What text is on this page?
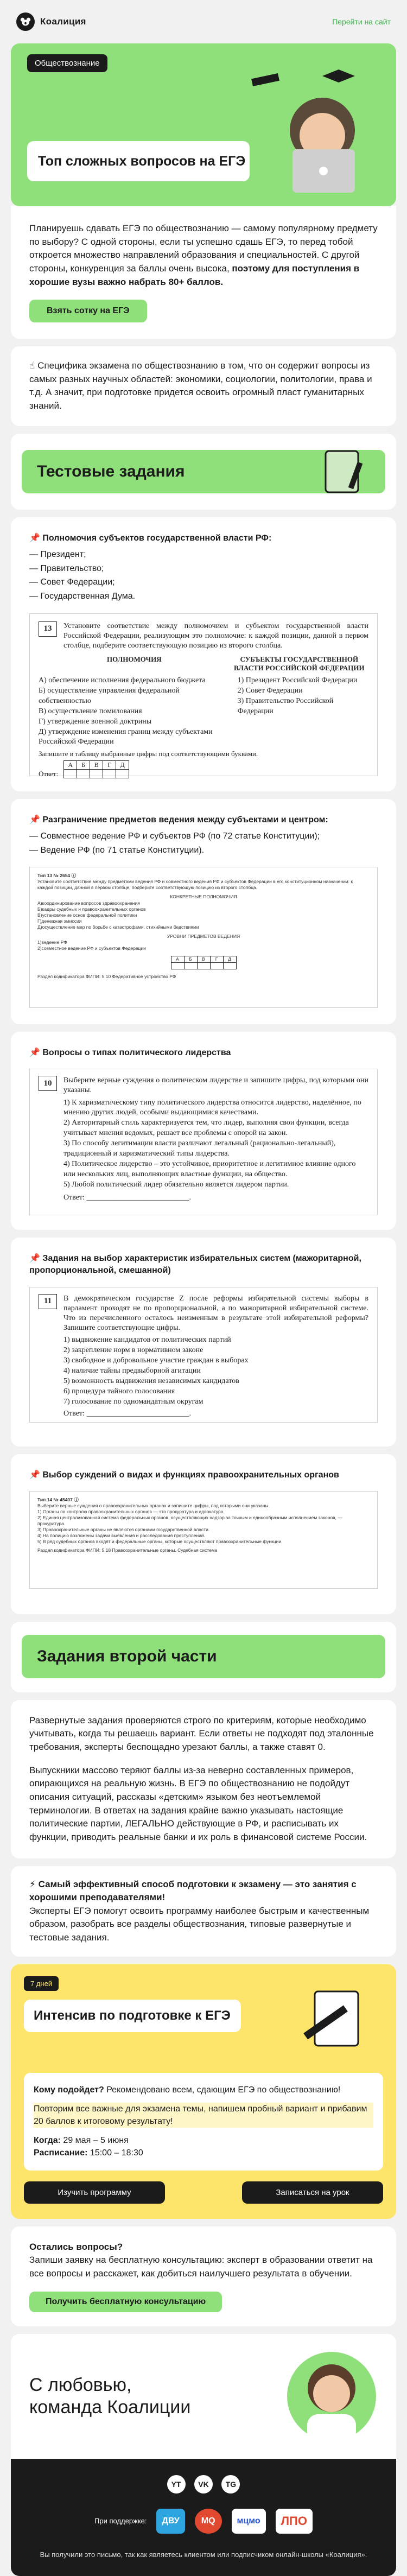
Коалиция	Перейти на сайт
Обществознание
Топ сложных вопросов на ЕГЭ

Планируешь сдавать ЕГЭ по обществознанию — самому популярному предмету по выбору? С одной стороны, если ты успешно сдашь ЕГЭ, то перед тобой откроется множество направлений образования и специальностей. С другой стороны, конкуренция за баллы очень высока, поэтому для поступления в хорошие вузы важно набрать 80+ баллов.

Взять сотку на ЕГЭ

☝ Специфика экзамена по обществознанию в том, что он содержит вопросы из самых разных научных областей: экономики, социологии, политологии, права и т.д. А значит, при подготовке придется освоить огромный пласт гуманитарных знаний.

Тестовые задания
📌 Полномочия субъектов государственной власти РФ:
— Президент;
— Правительство;
— Совет Федерации;
— Государственная Дума.
13	Установите соответствие между полномочием и субъектом государственной власти Российской Федерации, реализующим это полномочие: к каждой позиции, данной в первом столбце, подберите соответствующую позицию из второго столбца.

ПОЛНОМОЧИЯ	СУБЪЕКТЫ ГОСУДАРСТВЕННОЙ ВЛАСТИ РОССИЙСКОЙ ФЕДЕРАЦИИ
А) обеспечение исполнения федерального бюджета
Б) осуществление управления федеральной собственностью
В) осуществление помилования
Г) утверждение военной доктрины
Д) утверждение изменения границ между субъектами Российской Федерации
1) Президент Российской Федерации
2) Совет Федерации
3) Правительство Российской Федерации
Запишите в таблицу выбранные цифры под соответствующими буквами.
Ответ:
А	Б	В	Г	Д

📌 Разграничение предметов ведения между субъектами и центром:
— Совместное ведение РФ и субъектов РФ (по 72 статье Конституции);
— Ведение РФ (по 71 статье Конституции).
Тип 13 № 2654 ⓘ
Установите соответствие между предметами ведения РФ и совместного ведения РФ и субъектов Федерации в его конституционном назначении: к каждой позиции, данной в первом столбце, подберите соответствующую позицию из второго столбца.
КОНКРЕТНЫЕ ПОЛНОМОЧИЯ
А)координирование вопросов здравоохранения
Б)кадры судебных и правоохранительных органов
В)установление основ федеральной политики
Г)денежная эмиссия
Д)осуществление мер по борьбе с катастрофами, стихийными бедствиями
УРОВНИ ПРЕДМЕТОВ ВЕДЕНИЯ
1)ведение РФ
2)совместное ведение РФ и субъектов Федерации
А	Б	В	Г	Д

Раздел кодификатора ФИПИ: 5.10 Федеративное устройство РФ
📌 Вопросы о типах политического лидерства
10	Выберите верные суждения о политическом лидерстве и запишите цифры, под которыми они указаны.

1) К харизматическому типу политического лидерства относится лидерство, наделённое, по мнению других людей, особыми выдающимися качествами.
2) Авторитарный стиль характеризуется тем, что лидер, выполняя свои функции, всегда учитывает мнения ведомых, решает все проблемы с опорой на закон.
3) По способу легитимации власти различают легальный (рационально-легальный), традиционный и харизматический типы лидерства.
4) Политическое лидерство – это устойчивое, приоритетное и легитимное влияние одного или нескольких лиц, выполняющих властные функции, на общество.
5) Любой политический лидер обязательно является лидером партии.
Ответ: ___________________________.
📌 Задания на выбор характеристик избирательных систем (мажоритарной, пропорциональной, смешанной)
11	В демократическом государстве Z после реформы избирательной системы выборы в парламент проходят не по пропорциональной, а по мажоритарной избирательной системе. Что из перечисленного осталось неизменным в результате этой избирательной реформы? Запишите соответствующие цифры.

1) выдвижение кандидатов от политических партий
2) закрепление норм в нормативном законе
3) свободное и добровольное участие граждан в выборах
4) наличие тайны предвыборной агитации
5) возможность выдвижения независимых кандидатов
6) процедура тайного голосования
7) голосование по одномандатным округам
Ответ: ___________________________.
📌 Выбор суждений о видах и функциях правоохранительных органов
Тип 14 № 45407 ⓘ
Выберите верные суждения о правоохранительных органах и запишите цифры, под которыми они указаны.
1) Органы по контролю правоохранительных органов — это прокуратура и адвокатура.
2) Единая централизованная система федеральных органов, осуществляющих надзор за точным и единообразным исполнением законов, — прокуратура.
3) Правоохранительные органы не являются органами государственной власти.
4) На полицию возложены задачи выявления и расследования преступлений.
5) В ряд судебных органов входят и федеральные органы, которые осуществляют правоохранительные функции.
Раздел кодификатора ФИПИ: 5.18 Правоохранительные органы. Судебная система
Задания второй части

Развернутые задания проверяются строго по критериям, которые необходимо учитывать, когда ты решаешь вариант. Если ответы не подходят под эталонные требования, эксперты беспощадно урезают баллы, а также ставят 0.

Выпускники массово теряют баллы из-за неверно составленных примеров, опирающихся на реальную жизнь. В ЕГЭ по обществознанию не подойдут описания ситуаций, рассказы «детским» языком без неотъемлемой терминологии. В ответах на задания крайне важно указывать настоящие политические партии, ЛЕГАЛЬНО действующие в РФ, и расписывать их функции, приводить реальные банки и их роль в финансовой системе России.

⚡ Самый эффективный способ подготовки к экзамену — это занятия с хорошими преподавателями!

Эксперты ЕГЭ помогут освоить программу наиболее быстрым и качественным образом, разобрать все разделы обществознания, типовые развернутые и тестовые задания.

7 дней
Интенсив по подготовке к ЕГЭ

Кому подойдет? Рекомендовано всем, сдающим ЕГЭ по обществознанию!

Повторим все важные для экзамена темы, напишем пробный вариант и прибавим 20 баллов к итоговому результату!

Когда: 29 мая – 5 июня

Расписание: 15:00 – 18:30

Изучить программу	Записаться на урок

Остались вопросы?

Запиши заявку на бесплатную консультацию: эксперт в образовании ответит на все вопросы и расскажет, как добиться наилучшего результата в обучении.

Получить бесплатную консультацию
С любовью,
команда Коалиции
YT VK TG
При поддержке:	ДВУ	MQ	мцмо	ЛПО

Вы получили это письмо, так как являетесь клиентом или подписчиком онлайн-школы «Коалиция».
